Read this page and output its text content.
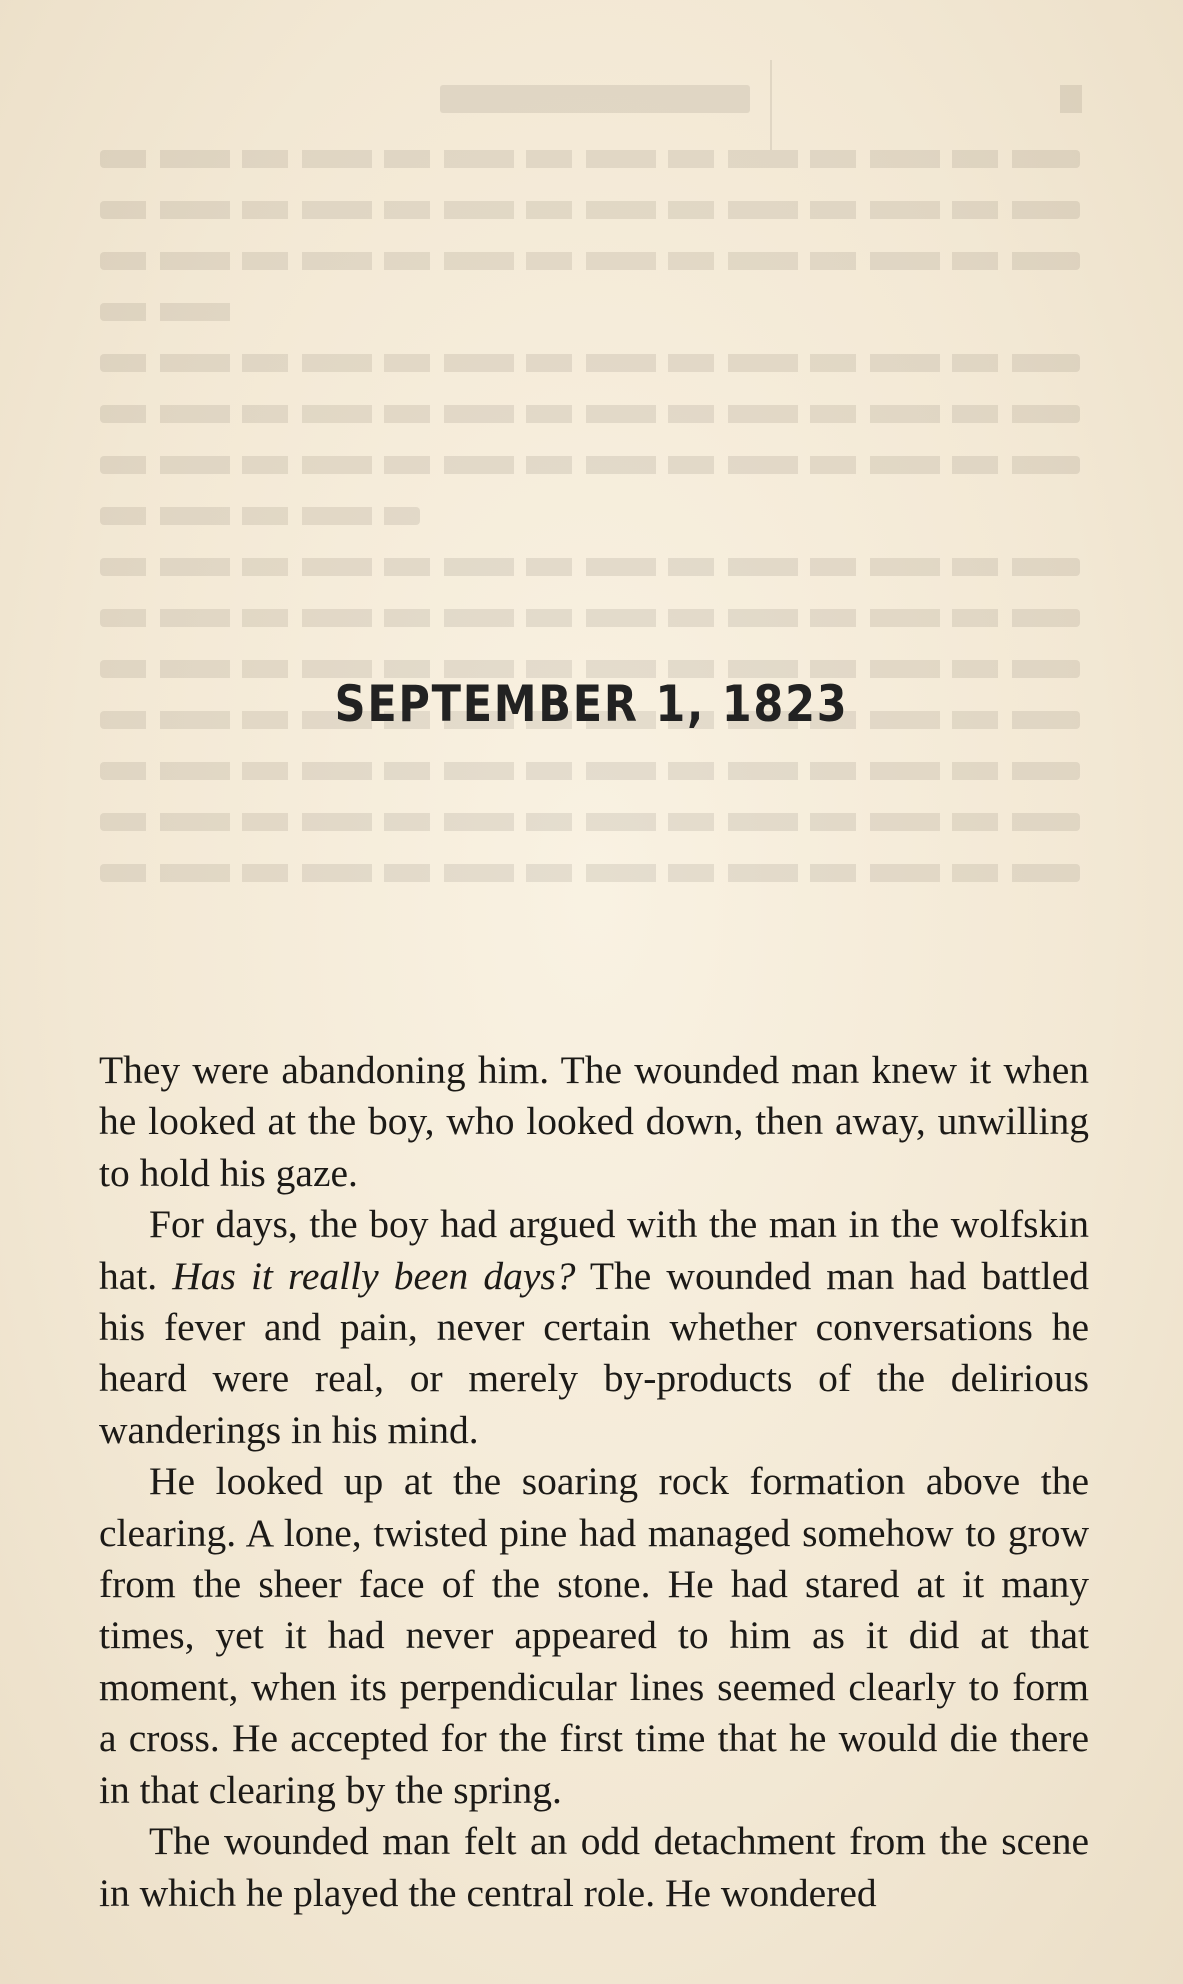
SEPTEMBER 1, 1823

They were abandoning him. The wounded man knew it when he looked at the boy, who looked down, then away, unwilling to hold his gaze.

For days, the boy had argued with the man in the wolfskin hat. Has it really been days? The wounded man had battled his fever and pain, never certain whether conversations he heard were real, or merely by-products of the delirious wanderings in his mind.

He looked up at the soaring rock formation above the clearing. A lone, twisted pine had managed somehow to grow from the sheer face of the stone. He had stared at it many times, yet it had never appeared to him as it did at that moment, when its perpendicular lines seemed clearly to form a cross. He accepted for the first time that he would die there in that clearing by the spring.

The wounded man felt an odd detachment from the scene in which he played the central role. He wondered
